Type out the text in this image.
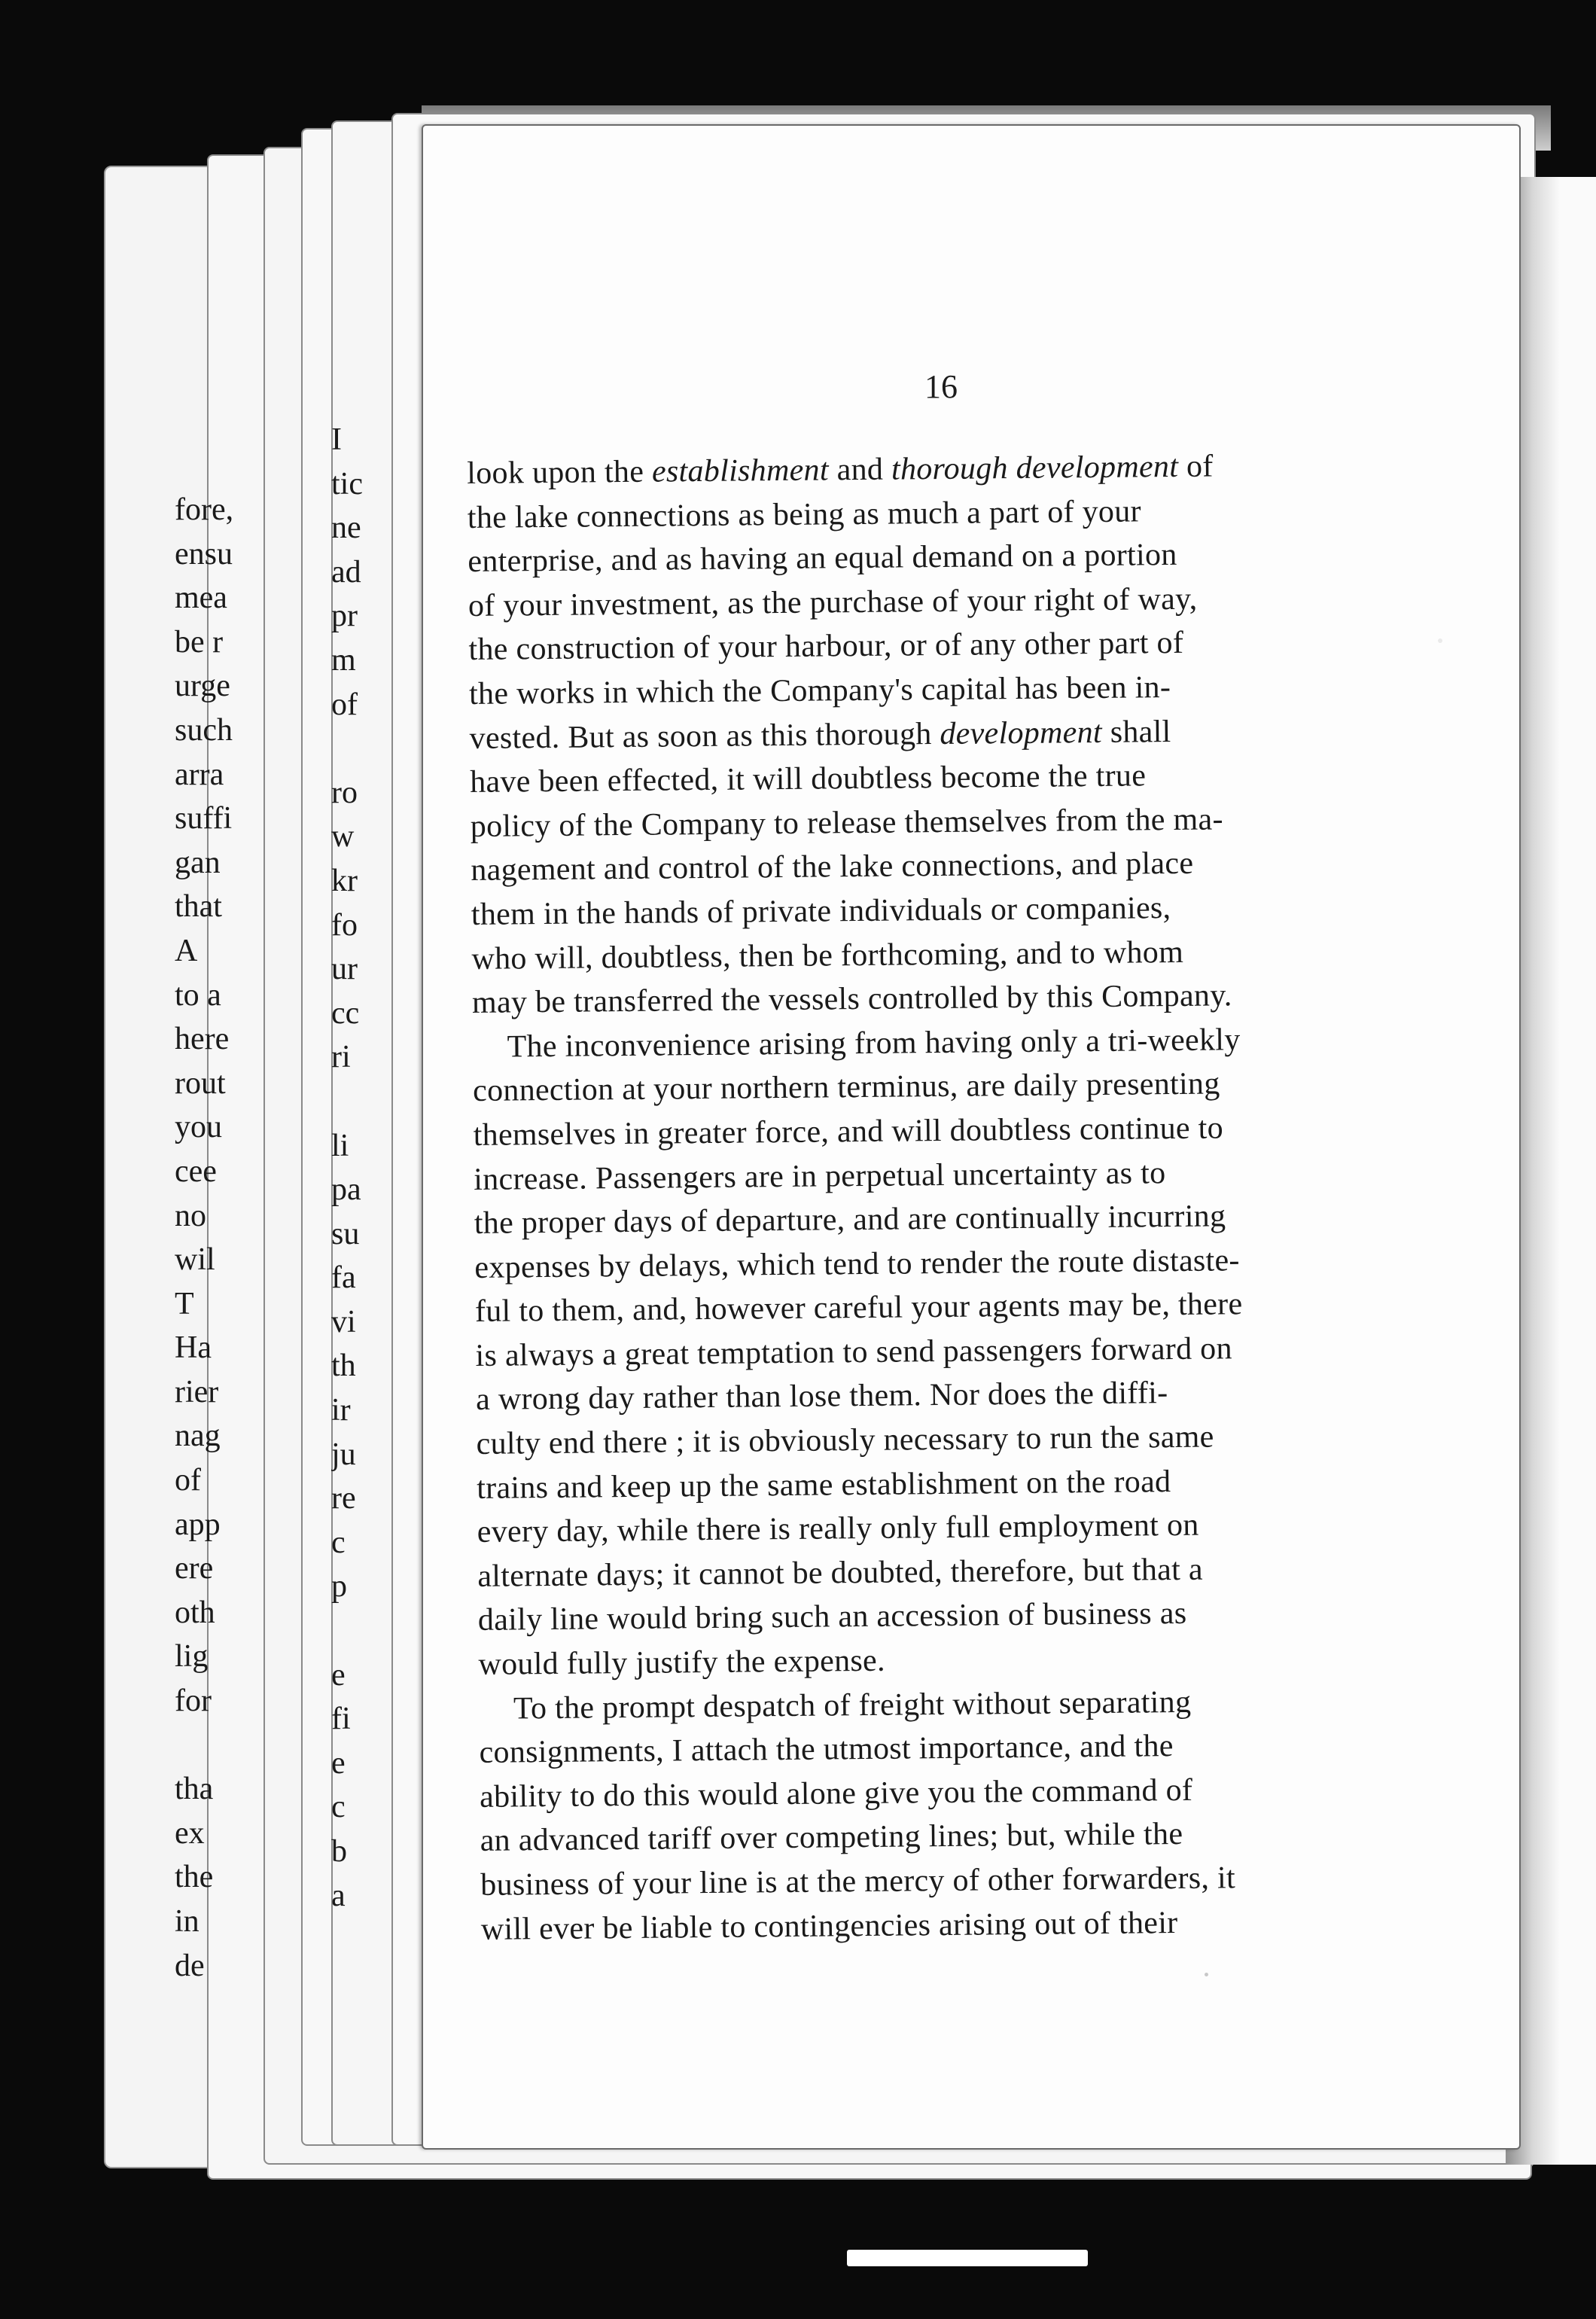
fore,
ensu
mea
be r
urge
such
arra
suffi
gan
that
A
to a
here
rout
you
cee
no
wil
T
Ha
rier
nag
of
app
ere
oth
lig
for
tha
ex
the
in
de
I
tic
ne
ad
pr
m
of
ro
w
kr
fo
ur
cc
ri
li
pa
su
fa
vi
th
ir
ju
re
c
p
e
fi
e
c
b
a
16
look upon the establishment and thorough development of
the lake connections as being as much a part of your
enterprise, and as having an equal demand on a portion
of your investment, as the purchase of your right of way,
the construction of your harbour, or of any other part of
the works in which the Company's capital has been in-
vested. But as soon as this thorough development shall
have been effected, it will doubtless become the true
policy of the Company to release themselves from the ma-
nagement and control of the lake connections, and place
them in the hands of private individuals or companies,
who will, doubtless, then be forthcoming, and to whom
may be transferred the vessels controlled by this Company.
The inconvenience arising from having only a tri-weekly
connection at your northern terminus, are daily presenting
themselves in greater force, and will doubtless continue to
increase. Passengers are in perpetual uncertainty as to
the proper days of departure, and are continually incurring
expenses by delays, which tend to render the route distaste-
ful to them, and, however careful your agents may be, there
is always a great temptation to send passengers forward on
a wrong day rather than lose them. Nor does the diffi-
culty end there ; it is obviously necessary to run the same
trains and keep up the same establishment on the road
every day, while there is really only full employment on
alternate days; it cannot be doubted, therefore, but that a
daily line would bring such an accession of business as
would fully justify the expense.
To the prompt despatch of freight without separating
consignments, I attach the utmost importance, and the
ability to do this would alone give you the command of
an advanced tariff over competing lines; but, while the
business of your line is at the mercy of other forwarders, it
will ever be liable to contingencies arising out of their
